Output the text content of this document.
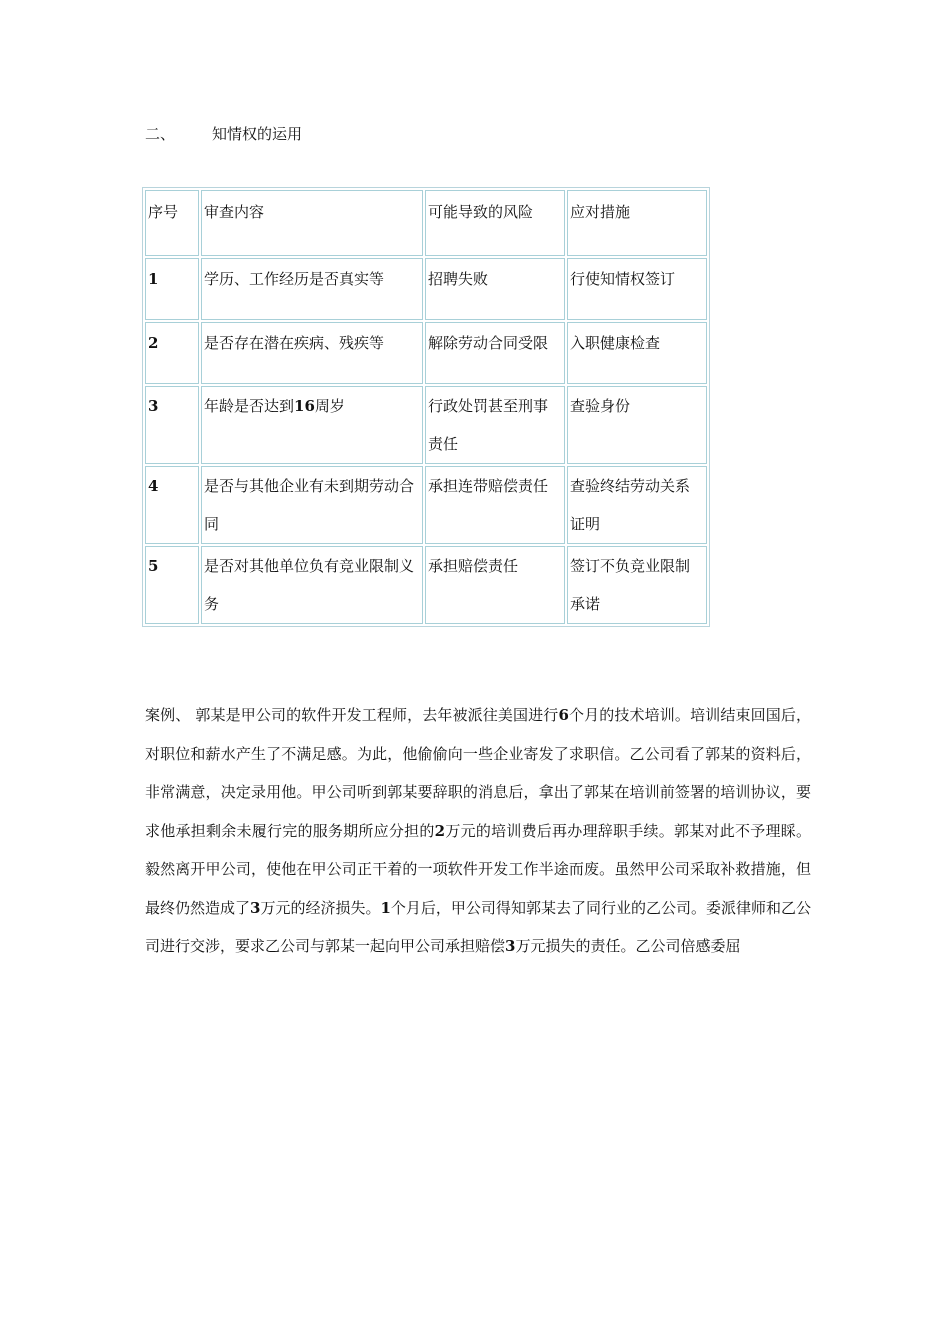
二、 知情权的运用
序号	审查内容	可能导致的风险	应对措施
1	学历、工作经历是否真实等	招聘失败	行使知情权签订
2	是否存在潜在疾病、残疾等	解除劳动合同受限	入职健康检查
3	年龄是否达到16周岁	行政处罚甚至刑事责任	查验身份
4	是否与其他企业有未到期劳动合同	承担连带赔偿责任	查验终结劳动关系证明
5	是否对其他单位负有竞业限制义务	承担赔偿责任	签订不负竞业限制承诺
案例、 郭某是甲公司的软件开发工程师，去年被派往美国进行6个月的技术培训。培训结束回国后，对职位和薪水产生了不满足感。为此，他偷偷向一些企业寄发了求职信。乙公司看了郭某的资料后，非常满意，决定录用他。甲公司听到郭某要辞职的消息后，拿出了郭某在培训前签署的培训协议，要求他承担剩余未履行完的服务期所应分担的2万元的培训费后再办理辞职手续。郭某对此不予理睬。毅然离开甲公司，使他在甲公司正干着的一项软件开发工作半途而废。虽然甲公司采取补救措施，但最终仍然造成了3万元的经济损失。1个月后，甲公司得知郭某去了同行业的乙公司。委派律师和乙公司进行交涉，要求乙公司与郭某一起向甲公司承担赔偿3万元损失的责任。乙公司倍感委屈
